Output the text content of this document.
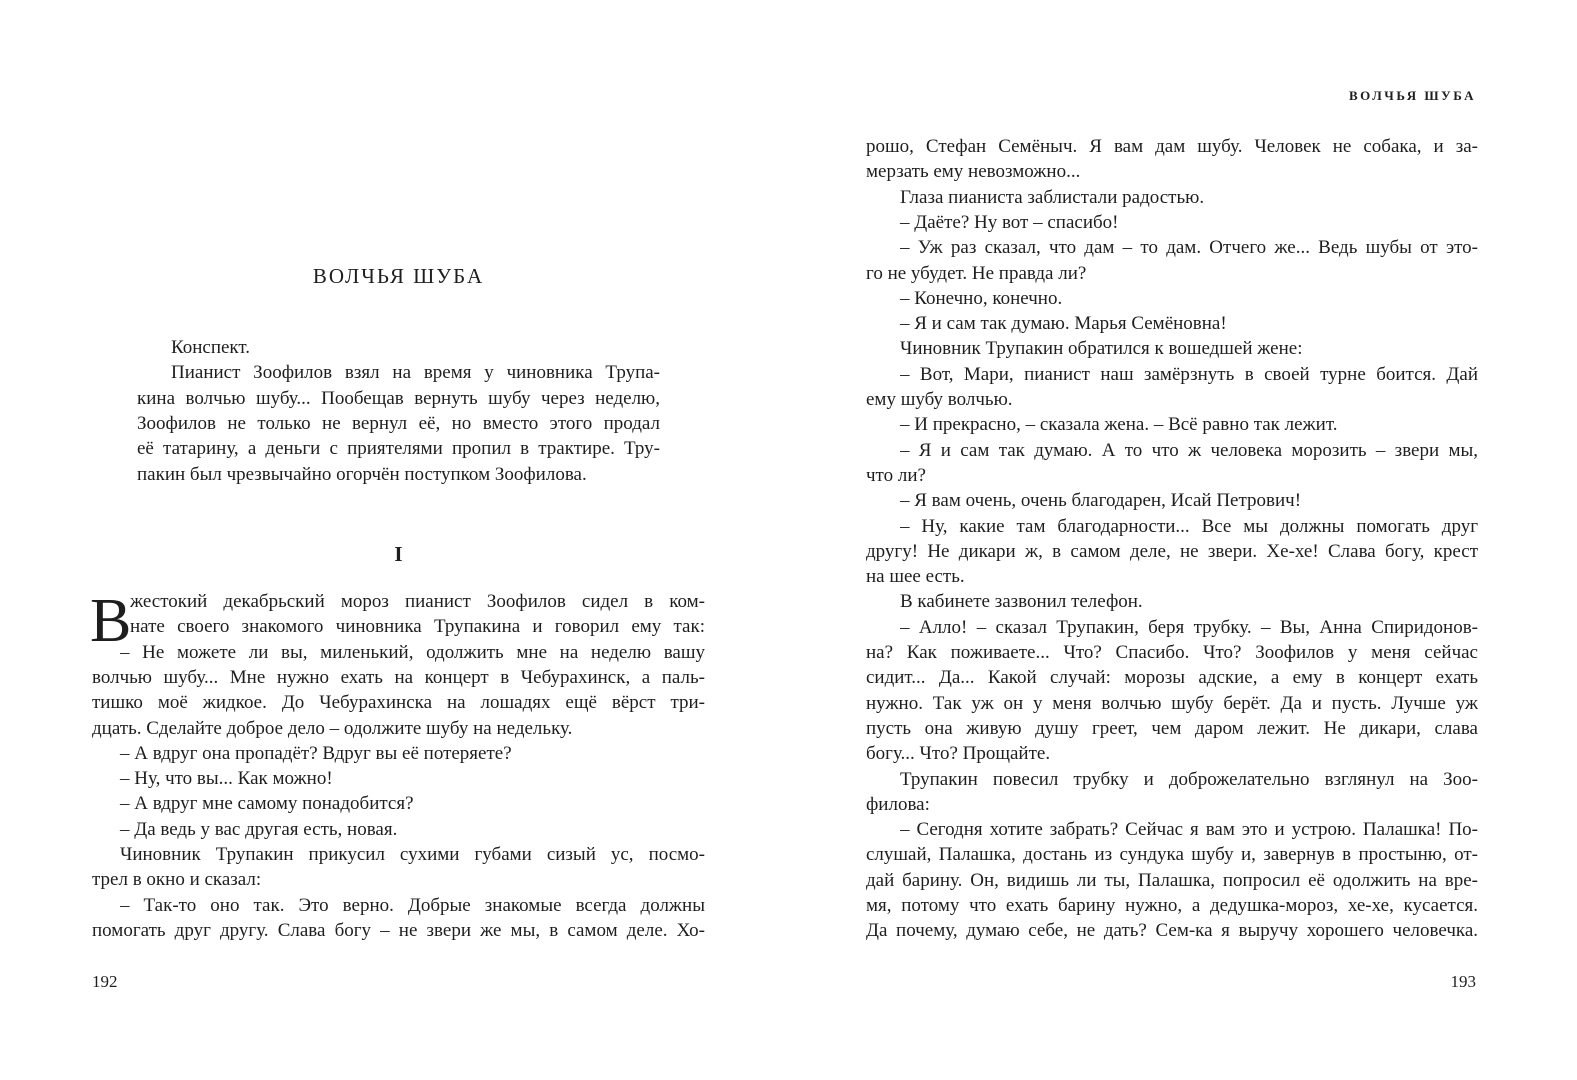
ВОЛЧЬЯ ШУБА
Конспект.
Пианист Зоофилов взял на время у чиновника Трупа-
кина волчью шубу... Пообещав вернуть шубу через неделю,
Зоофилов не только не вернул её, но вместо этого продал
её татарину, а деньги с приятелями пропил в трактире. Тру-
пакин был чрезвычайно огорчён поступком Зоофилова.
I
В
жестокий декабрьский мороз пианист Зоофилов сидел в ком-
нате своего знакомого чиновника Трупакина и говорил ему так:
– Не можете ли вы, миленький, одолжить мне на неделю вашу
волчью шубу... Мне нужно ехать на концерт в Чебурахинск, а паль-
тишко моё жидкое. До Чебурахинска на лошадях ещё вёрст три-
дцать. Сделайте доброе дело – одолжите шубу на недельку.
– А вдруг она пропадёт? Вдруг вы её потеряете?
– Ну, что вы... Как можно!
– А вдруг мне самому понадобится?
– Да ведь у вас другая есть, новая.
Чиновник Трупакин прикусил сухими губами сизый ус, посмо-
трел в окно и сказал:
– Так-то оно так. Это верно. Добрые знакомые всегда должны
помогать друг другу. Слава богу – не звери же мы, в самом деле. Хо-
192
ВОЛЧЬЯ ШУБА
рошо, Стефан Семёныч. Я вам дам шубу. Человек не собака, и за-
мерзать ему невозможно...
Глаза пианиста заблистали радостью.
– Даёте? Ну вот – спасибо!
– Уж раз сказал, что дам – то дам. Отчего же... Ведь шубы от это-
го не убудет. Не правда ли?
– Конечно, конечно.
– Я и сам так думаю. Марья Семёновна!
Чиновник Трупакин обратился к вошедшей жене:
– Вот, Мари, пианист наш замёрзнуть в своей турне боится. Дай
ему шубу волчью.
– И прекрасно, – сказала жена. – Всё равно так лежит.
– Я и сам так думаю. А то что ж человека морозить – звери мы,
что ли?
– Я вам очень, очень благодарен, Исай Петрович!
– Ну, какие там благодарности... Все мы должны помогать друг
другу! Не дикари ж, в самом деле, не звери. Хе-хе! Слава богу, крест
на шее есть.
В кабинете зазвонил телефон.
– Алло! – сказал Трупакин, беря трубку. – Вы, Анна Спиридонов-
на? Как поживаете... Что? Спасибо. Что? Зоофилов у меня сейчас
сидит... Да... Какой случай: морозы адские, а ему в концерт ехать
нужно. Так уж он у меня волчью шубу берёт. Да и пусть. Лучше уж
пусть она живую душу греет, чем даром лежит. Не дикари, слава
богу... Что? Прощайте.
Трупакин повесил трубку и доброжелательно взглянул на Зоо-
филова:
– Сегодня хотите забрать? Сейчас я вам это и устрою. Палашка! По-
слушай, Палашка, достань из сундука шубу и, завернув в простыню, от-
дай барину. Он, видишь ли ты, Палашка, попросил её одолжить на вре-
мя, потому что ехать барину нужно, а дедушка-мороз, хе-хе, кусается.
Да почему, думаю себе, не дать? Сем-ка я выручу хорошего человечка.
193
